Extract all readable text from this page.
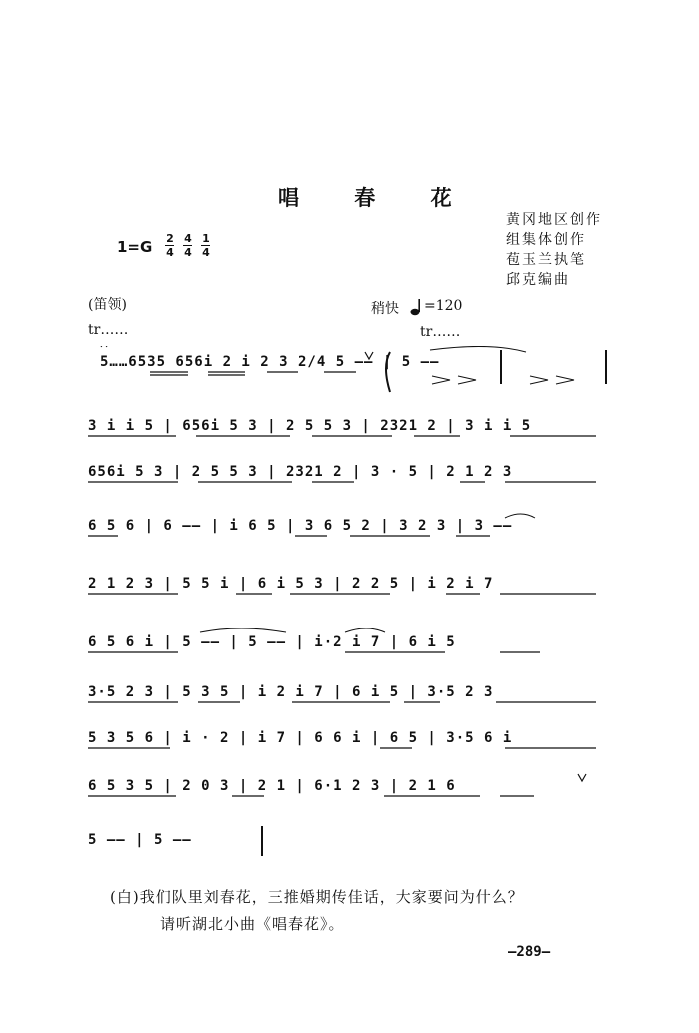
唱 春 花
黄冈地区创作
组集体创作
苞玉兰执笔
邱克编曲
1=G 2
4
4
4
1
4
(笛领)	稍快 =120
tr……	tr……
5……6535 656i 2 i 2 3 2/4 5 —— | 5 ——
3 i i 5 | 656i 5 3 | 2 5 5 3 | 2321 2 | 3 i i 5
656i 5 3 | 2 5 5 3 | 2321 2 | 3 · 5 | 2 1 2 3
6 5 6 | 6 —— | i 6 5 | 3 6 5 2 | 3 2 3 | 3 ——
2 1 2 3 | 5 5 i | 6 i 5 3 | 2 2 5 | i 2 i 7
6 5 6 i | 5 —— | 5 —— | i·2 i 7 | 6 i 5
3·5 2 3 | 5 3 5 | i 2 i 7 | 6 i 5 | 3·5 2 3
5 3 5 6 | i · 2 | i 7 | 6 6 i | 6 5 | 3·5 6 i
6 5 3 5 | 2 0 3 | 2 1 | 6·1 2 3 | 2 1 6
5 —— | 5 ——
(白)我们队里刘春花，三推婚期传佳话，大家要问为什么？
请听湖北小曲《唱春花》。
—289—
